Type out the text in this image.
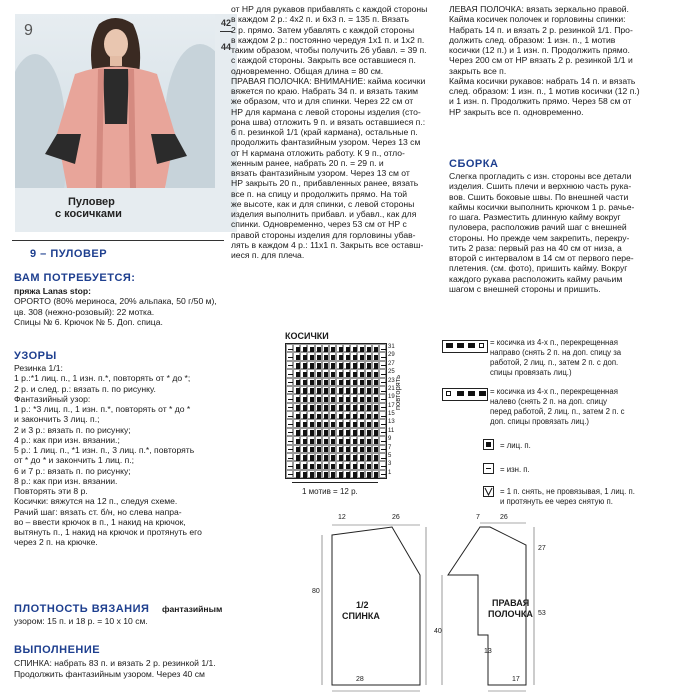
9	42
44
Пуловер
с косичками
9 – ПУЛОВЕР
ВАМ ПОТРЕБУЕТСЯ:

пряжа Lanas stop:

OPORTO (80% мериноса, 20% альпака, 50 г/50 м),

цв. 308 (нежно-розовый): 22 мотка.

Спицы № 6. Крючок № 5. Доп. спица.

УЗОРЫ

Резинка 1/1:

1 р.:*1 лиц. п., 1 изн. п.*, повторять от * до *;

2 р. и след. р.: вязать п. по рисунку.

Фантазийный узор:

1 р.: *3 лиц. п., 1 изн. п.*, повторять от * до *

и закончить 3 лиц. п.;

2 и 3 р.: вязать п. по рисунку;

4 р.: как при изн. вязании.;

5 р.: 1 лиц. п., *1 изн. п., 3 лиц. п.*, повторять

от * до * и закончить 1 лиц. п.;

6 и 7 р.: вязать п. по рисунку;

8 р.: как при изн. вязании.

Повторять эти 8 р.

Косички: вяжутся на 12 п., следуя схеме.

Рачий шаг: вязать ст. б/н, но слева напра-

во – ввести крючок в п., 1 накид на крючок,

вытянуть п., 1 накид на крючок и протянуть его

через 2 п. на крючке.

ПЛОТНОСТЬ ВЯЗАНИЯ фантазийным
узором: 15 п. и 18 р. = 10 х 10 см.
ВЫПОЛНЕНИЕ
СПИНКА: набрать 83 п. и вязать 2 р. резинкой 1/1.
Продолжить фантазийным узором. Через 40 см

от НР для рукавов прибавлять с каждой стороны

в каждом 2 р.: 4х2 п. и 6х3 п. = 135 п. Вязать

2 р. прямо. Затем убавлять с каждой стороны

в каждом 2 р.: постоянно чередуя 1х1 п. и 1х2 п.

таким образом, чтобы получить 26 убавл. = 39 п.

с каждой стороны. Закрыть все оставшиеся п.

одновременно. Общая длина = 80 см.

ПРАВАЯ ПОЛОЧКА: ВНИМАНИЕ: кайма косички

вяжется по краю. Набрать 34 п. и вязать таким

же образом, что и для спинки. Через 22 см от

НР для кармана с левой стороны изделия (сто-

рона шва) отложить 9 п. и вязать оставшиеся п.:

6 п. резинкой 1/1 (край кармана), остальные п.

продолжить фантазийным узором. Через 13 см

от Н кармана отложить работу. К 9 п., отло-

женным ранее, набрать 20 п. = 29 п. и

вязать фантазийным узором. Через 13 см от

НР закрыть 20 п., прибавленных ранее, вязать

все п. на спицу и продолжить прямо. На той

же высоте, как и для спинки, с левой стороны

изделия выполнить прибавл. и убавл., как для

спинки. Одновременно, через 53 см от НР с

правой стороны изделия для горловины убав-

лять в каждом 4 р.: 11х1 п. Закрыть все оставш-

иеся п. для плеча.

ЛЕВАЯ ПОЛОЧКА: вязать зеркально правой.

Кайма косичек полочек и горловины спинки:

Набрать 14 п. и вязать 2 р. резинкой 1/1. Про-

должить след. образом: 1 изн. п., 1 мотив

косички (12 п.) и 1 изн. п. Продолжить прямо.

Через 200 см от НР вязать 2 р. резинкой 1/1 и

закрыть все п.

Кайма косички рукавов: набрать 14 п. и вязать

след. образом: 1 изн. п., 1 мотив косички (12 п.)

и 1 изн. п. Продолжить прямо. Через 58 см от

НР закрыть все п. одновременно.

СБОРКА

Слегка прогладить с изн. стороны все детали

изделия. Сшить плечи и верхнюю часть рука-

вов. Сшить боковые швы. По внешней части

каймы косички выполнить крючком 1 р. рачье-

го шага. Разместить длинную кайму вокруг

пуловера, расположив рачий шаг с внешней

стороны. Но прежде чем закрепить, перекру-

тить 2 раза: первый раз на 40 см от низа, а

второй с интервалом в 14 см от первого пере-

плетения. (см. фото), пришить кайму. Вокруг

каждого рукава расположить кайму рачьим

шагом с внешней стороны и пришить.

КОСИЧКИ
31
29
27
25
23
21
19
17
15
13
11
9
7
5
3
1
повторять
1 мотив = 12 р.

= косичка из 4-х п., перекрещенная

направо (снять 2 п. на доп. спицу за

работой, 2 лиц. п., затем 2 п. с доп.

спицы провязать лиц.)

= косичка из 4-х п., перекрещенная

налево (снять 2 п. на доп. спицу

перед работой, 2 лиц. п., затем 2 п. с

доп. спицы провязать лиц.)

= лиц. п.
= изн. п.

= 1 п. снять, не провязывая, 1 лиц. п.

и протянуть ее через снятую п.

12	26
80
28
1/2
СПИНКА
7	26
27
53
40
13
17
ПРАВАЯ
ПОЛОЧКА
